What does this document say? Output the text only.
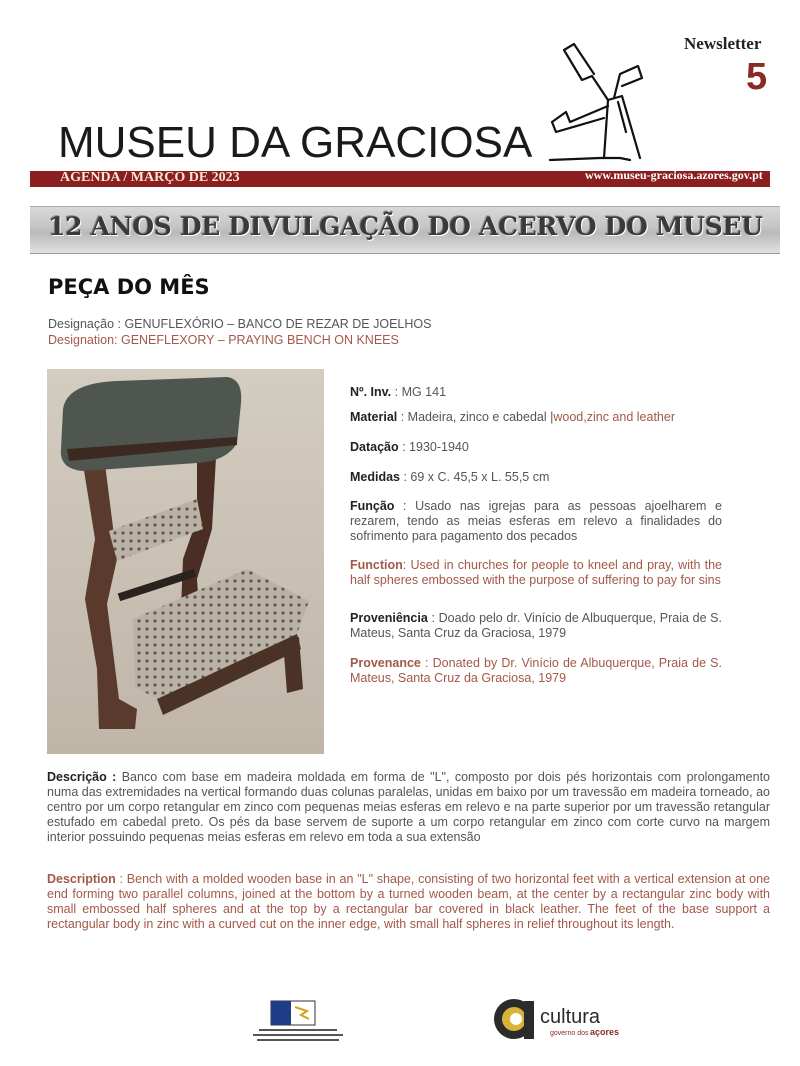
Newsletter
5
MUSEU DA GRACIOSA
AGENDA / MARÇO DE 2023	www.museu-graciosa.azores.gov.pt
12 ANOS DE DIVULGAÇÃO DO ACERVO DO MUSEU
PEÇA DO MÊS
Designação : GENUFLEXÓRIO – BANCO DE REZAR DE JOELHOS
Designation: GENEFLEXORY – PRAYING BENCH ON KNEES
Nº. Inv. : MG 141
Material : Madeira, zinco e cabedal |wood,zinc and leather
Datação : 1930-1940
Medidas : 69 x C. 45,5 x L. 55,5 cm
Função : Usado nas igrejas para as pessoas ajoelharem e rezarem, tendo as meias esferas em relevo a finalidades do sofrimento para pagamento dos pecados
Function: Used in churches for people to kneel and pray, with the half spheres embossed with the purpose of suffering to pay for sins
Proveniência : Doado pelo dr. Vinício de Albuquerque, Praia de S. Mateus, Santa Cruz da Graciosa, 1979
Provenance : Donated by Dr. Vinício de Albuquerque, Praia de S. Mateus, Santa Cruz da Graciosa, 1979
Descrição : Banco com base em madeira moldada em forma de "L", composto por dois pés horizontais com prolongamento numa das extremidades na vertical formando duas colunas paralelas, unidas em baixo por um travessão em madeira torneado, ao centro por um corpo retangular em zinco com pequenas meias esferas em relevo e na parte superior por um travessão retangular estufado em cabedal preto. Os pés da base servem de suporte a um corpo retangular em zinco com corte curvo na margem interior possuindo pequenas meias esferas em relevo em toda a sua extensão
Description : Bench with a molded wooden base in an "L" shape, consisting of two horizontal feet with a vertical extension at one end forming two parallel columns, joined at the bottom by a turned wooden beam, at the center by a rectangular zinc body with small embossed half spheres and at the top by a rectangular bar covered in black leather. The feet of the base support a rectangular body in zinc with a curved cut on the inner edge, with small half spheres in relief throughout its length.
cultura
governo dos açores
